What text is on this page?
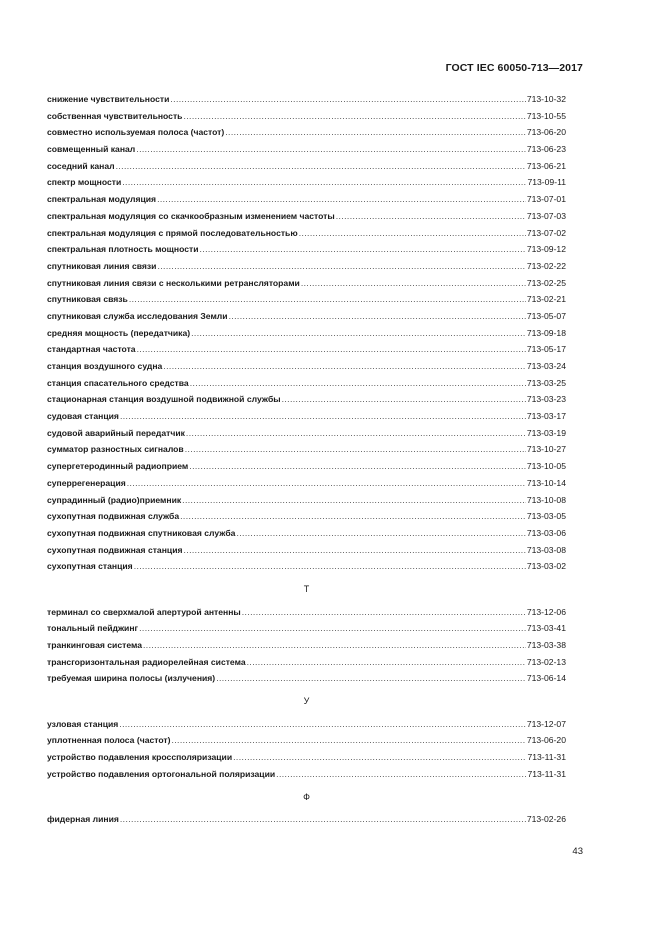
ГОСТ IEC 60050-713—2017
снижение чувствительности .....	713-10-32
собственная чувствительность .....	713-10-55
совместно используемая полоса (частот) .....	713-06-20
совмещенный канал .....	713-06-23
соседний канал .....	713-06-21
спектр мощности .....	713-09-11
спектральная модуляция .....	713-07-01
спектральная модуляция со скачкообразным изменением частоты .....	713-07-03
спектральная модуляция с прямой последовательностью .....	713-07-02
спектральная плотность мощности .....	713-09-12
спутниковая линия связи .....	713-02-22
спутниковая линия связи с несколькими ретрансляторами .....	713-02-25
спутниковая связь .....	713-02-21
спутниковая служба исследования Земли .....	713-05-07
средняя мощность (передатчика) .....	713-09-18
стандартная частота .....	713-05-17
станция воздушного судна .....	713-03-24
станция спасательного средства .....	713-03-25
стационарная станция воздушной подвижной службы .....	713-03-23
судовая станция .....	713-03-17
судовой аварийный передатчик .....	713-03-19
сумматор разностных сигналов .....	713-10-27
супергетеродинный радиоприем .....	713-10-05
суперрегенерация .....	713-10-14
супрадинный (радио)приемник .....	713-10-08
сухопутная подвижная служба .....	713-03-05
сухопутная подвижная спутниковая служба .....	713-03-06
сухопутная подвижная станция .....	713-03-08
сухопутная станция .....	713-03-02
Т
терминал со сверхмалой апертурой антенны .....	713-12-06
тональный пейджинг .....	713-03-41
транкинговая система .....	713-03-38
трансгоризонтальная радиорелейная система .....	713-02-13
требуемая ширина полосы (излучения) .....	713-06-14
У
узловая станция .....	713-12-07
уплотненная полоса (частот) .....	713-06-20
устройство подавления кроссполяризации .....	713-11-31
устройство подавления ортогональной поляризации .....	713-11-31
Ф
фидерная линия .....	713-02-26
43
